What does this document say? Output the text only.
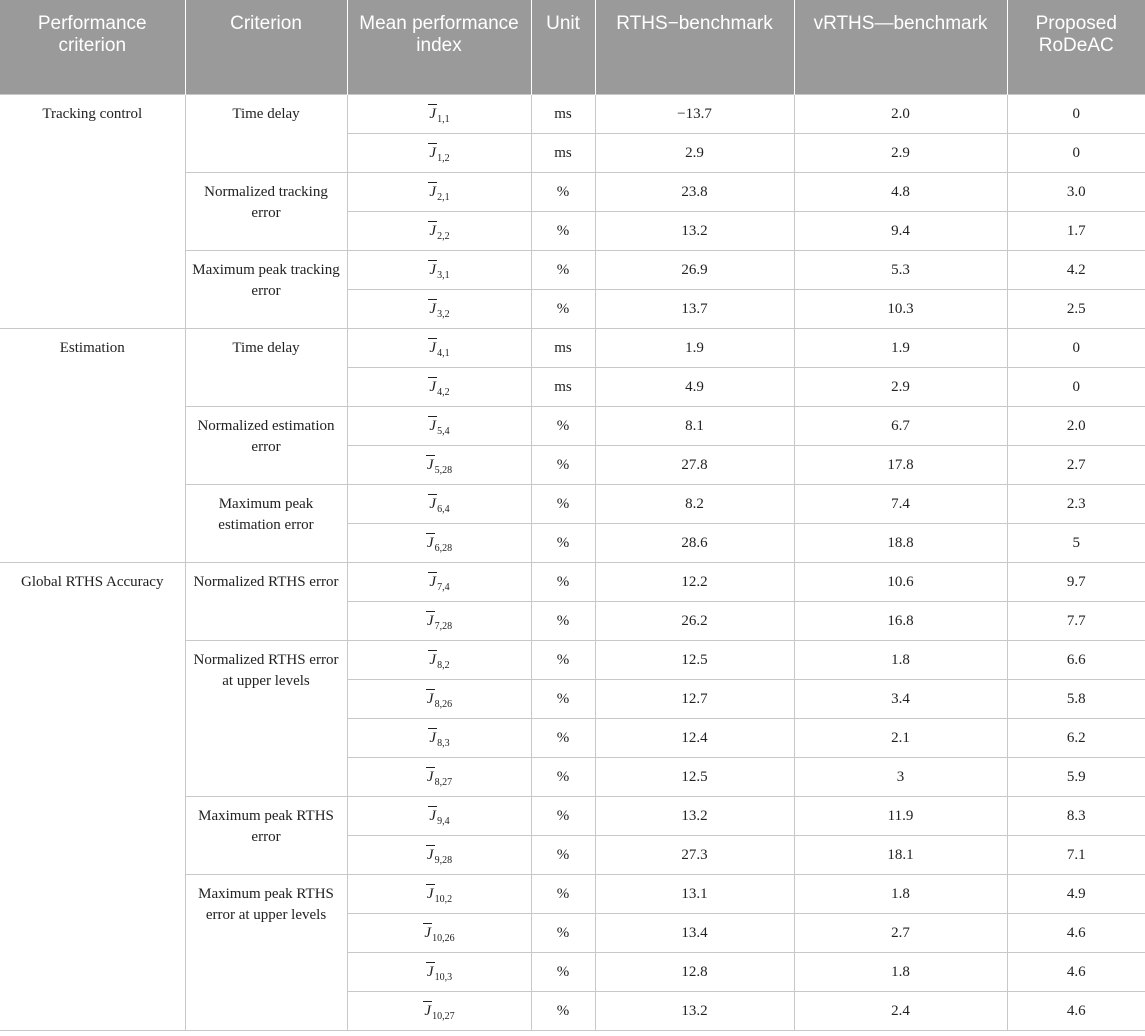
Performance criterion	Criterion	Mean performance index	Unit	RTHS−benchmark	vRTHS—benchmark	Proposed RoDeAC
Tracking control	Time delay	$J_{1,1}$	ms	−13.7	2.0	0
		$J_{1,2}$	ms	2.9	2.9	0
	Normalized tracking error	$J_{2,1}$	%	23.8	4.8	3.0
		$J_{2,2}$	%	13.2	9.4	1.7
	Maximum peak tracking error	$J_{3,1}$	%	26.9	5.3	4.2
		$J_{3,2}$	%	13.7	10.3	2.5
Estimation	Time delay	$J_{4,1}$	ms	1.9	1.9	0
		$J_{4,2}$	ms	4.9	2.9	0
	Normalized estimation error	$J_{5,4}$	%	8.1	6.7	2.0
		$J_{5,28}$	%	27.8	17.8	2.7
	Maximum peak estimation error	$J_{6,4}$	%	8.2	7.4	2.3
		$J_{6,28}$	%	28.6	18.8	5
Global RTHS Accuracy	Normalized RTHS error	$J_{7,4}$	%	12.2	10.6	9.7
		$J_{7,28}$	%	26.2	16.8	7.7
	Normalized RTHS error at upper levels	$J_{8,2}$	%	12.5	1.8	6.6
		$J_{8,26}$	%	12.7	3.4	5.8
		$J_{8,3}$	%	12.4	2.1	6.2
		$J_{8,27}$	%	12.5	3	5.9
	Maximum peak RTHS error	$J_{9,4}$	%	13.2	11.9	8.3
		$J_{9,28}$	%	27.3	18.1	7.1
	Maximum peak RTHS error at upper levels	$J_{10,2}$	%	13.1	1.8	4.9
		$J_{10,26}$	%	13.4	2.7	4.6
		$J_{10,3}$	%	12.8	1.8	4.6
		$J_{10,27}$	%	13.2	2.4	4.6
